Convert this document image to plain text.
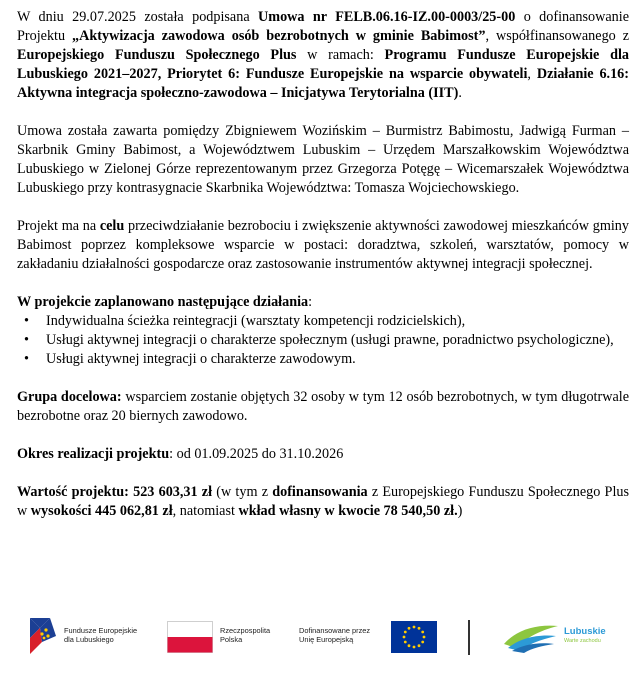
W dniu 29.07.2025 została podpisana Umowa nr FELB.06.16-IZ.00-0003/25-00 o dofinansowanie Projektu „Aktywizacja zawodowa osób bezrobotnych w gminie Babimost”, współfinansowanego z Europejskiego Funduszu Społecznego Plus w ramach: Programu Fundusze Europejskie dla Lubuskiego 2021–2027, Priorytet 6: Fundusze Europejskie na wsparcie obywateli, Działanie 6.16: Aktywna integracja społeczno-zawodowa – Inicjatywa Terytorialna (IIT).

Umowa została zawarta pomiędzy Zbigniewem Wozińskim – Burmistrz Babimostu, Jadwigą Furman – Skarbnik Gminy Babimost, a Województwem Lubuskim – Urzędem Marszałkowskim Województwa Lubuskiego w Zielonej Górze reprezentowanym przez Grzegorza Potęgę – Wicemarszałek Województwa Lubuskiego przy kontrasygnacie Skarbnika Województwa: Tomasza Wojciechowskiego.

Projekt ma na celu przeciwdziałanie bezrobociu i zwiększenie aktywności zawodowej mieszkańców gminy Babimost poprzez kompleksowe wsparcie w postaci: doradztwa, szkoleń, warsztatów, pomocy w zakładaniu działalności gospodarcze oraz zastosowanie instrumentów aktywnej integracji społecznej.

W projekcie zaplanowano następujące działania:

• Indywidualna ścieżka reintegracji (warsztaty kompetencji rodzicielskich),
• Usługi aktywnej integracji o charakterze społecznym (usługi prawne, poradnictwo psychologiczne),
• Usługi aktywnej integracji o charakterze zawodowym.

Grupa docelowa: wsparciem zostanie objętych 32 osoby w tym 12 osób bezrobotnych, w tym długotrwale bezrobotne oraz 20 biernych zawodowo.

Okres realizacji projektu: od 01.09.2025 do 31.10.2026

Wartość projektu: 523 603,31 zł (w tym z dofinansowania z Europejskiego Funduszu Społecznego Plus w wysokości 445 062,81 zł, natomiast wkład własny w kwocie 78 540,50 zł.)

Fundusze Europejskie
dla Lubuskiego
Rzeczpospolita
Polska
Dofinansowane przez
Unię Europejską
Lubuskie
Warte zachodu
